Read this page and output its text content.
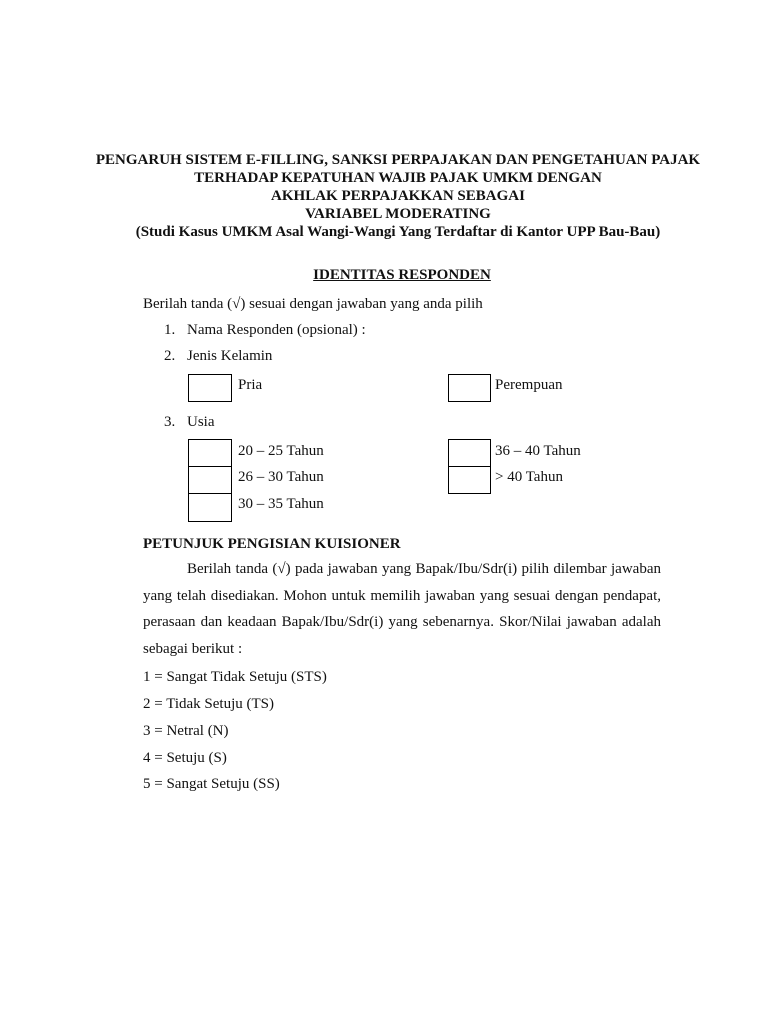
PENGARUH SISTEM E-FILLING, SANKSI PERPAJAKAN DAN PENGETAHUAN PAJAK
TERHADAP KEPATUHAN WAJIB PAJAK UMKM DENGAN
AKHLAK PERPAJAKKAN SEBAGAI
VARIABEL MODERATING
(Studi Kasus UMKM Asal Wangi-Wangi Yang Terdaftar di Kantor UPP Bau-Bau)
IDENTITAS RESPONDEN
Berilah tanda (√) sesuai dengan jawaban yang anda pilih
1. Nama Responden (opsional) :
2. Jenis Kelamin
Pria	Perempuan
3. Usia
20 – 25 Tahun
26 – 30 Tahun
30 – 35 Tahun
36 – 40 Tahun
> 40 Tahun
PETUNJUK PENGISIAN KUISIONER
Berilah tanda (√) pada jawaban yang Bapak/Ibu/Sdr(i) pilih dilembar jawaban yang telah disediakan. Mohon untuk memilih jawaban yang sesuai dengan pendapat, perasaan dan keadaan Bapak/Ibu/Sdr(i) yang sebenarnya. Skor/Nilai jawaban adalah sebagai berikut :
1 = Sangat Tidak Setuju (STS)
2 = Tidak Setuju (TS)
3 = Netral (N)
4 = Setuju (S)
5 = Sangat Setuju (SS)
